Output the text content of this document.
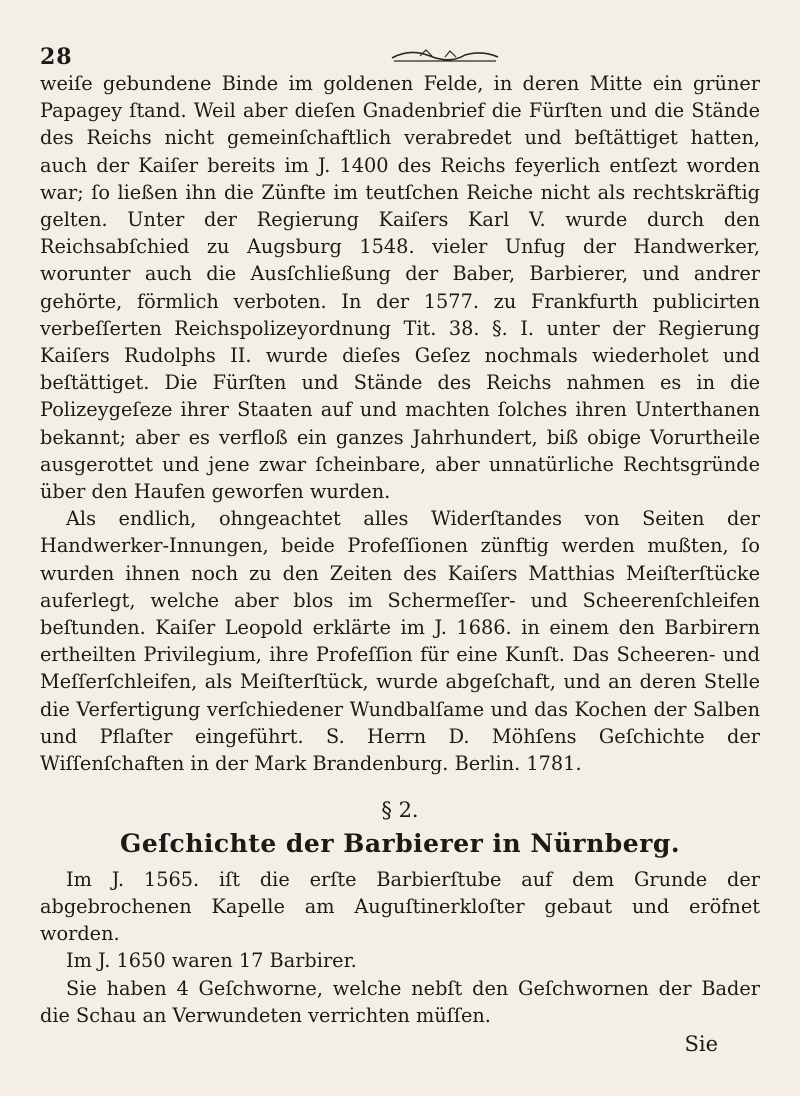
28

weiſe gebundene Binde im goldenen Felde, in deren Mitte ein grüner Papagey ſtand. Weil aber dieſen Gnadenbrief die Fürſten und die Stände des Reichs nicht gemeinſchaftlich verabredet und beſtättiget hatten, auch der Kaiſer bereits im J. 1400 des Reichs feyerlich entſezt worden war; ſo ließen ihn die Zünfte im teutſchen Reiche nicht als rechtskräftig gelten. Unter der Regierung Kaiſers Karl V. wurde durch den Reichsabſchied zu Augsburg 1548. vieler Unfug der Handwerker, worunter auch die Ausſchließung der Baber, Barbierer, und andrer gehörte, förmlich verboten. In der 1577. zu Frankfurth publicirten verbeſſerten Reichspolizeyordnung Tit. 38. §. I. unter der Regierung Kaiſers Rudolphs II. wurde dieſes Geſez nochmals wiederholet und beſtättiget. Die Fürſten und Stände des Reichs nahmen es in die Polizeygeſeze ihrer Staaten auf und machten ſolches ihren Unterthanen bekannt; aber es verfloß ein ganzes Jahrhundert, biß obige Vorurtheile ausgerottet und jene zwar ſcheinbare, aber unnatürliche Rechtsgründe über den Haufen geworfen wurden.

Als endlich, ohngeachtet alles Widerſtandes von Seiten der Handwerker-Innungen, beide Profeſſionen zünftig werden mußten, ſo wurden ihnen noch zu den Zeiten des Kaiſers Matthias Meiſterſtücke auferlegt, welche aber blos im Schermeſſer- und Scheerenſchleifen beſtunden. Kaiſer Leopold erklärte im J. 1686. in einem den Barbirern ertheilten Privilegium, ihre Profeſſion für eine Kunſt. Das Scheeren- und Meſſerſchleifen, als Meiſterſtück, wurde abgeſchaft, und an deren Stelle die Verfertigung verſchiedener Wundbalſame und das Kochen der Salben und Pflaſter eingeführt. S. Herrn D. Möhſens Geſchichte der Wiſſenſchaften in der Mark Brandenburg. Berlin. 1781.

§ 2.
Geſchichte der Barbierer in Nürnberg.

Im J. 1565. iſt die erſte Barbierſtube auf dem Grunde der abgebrochenen Kapelle am Auguſtinerkloſter gebaut und eröfnet worden.

Im J. 1650 waren 17 Barbirer.

Sie haben 4 Geſchworne, welche nebſt den Geſchwornen der Bader die Schau an Verwundeten verrichten müſſen.

Sie
